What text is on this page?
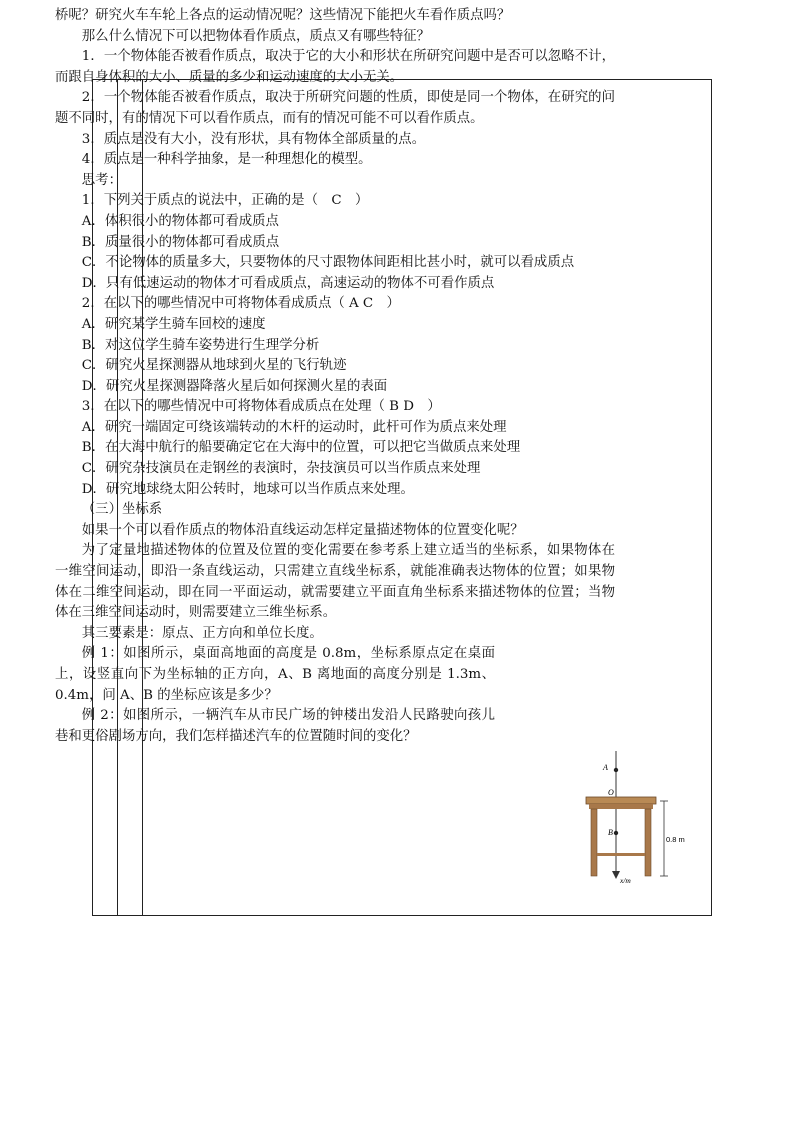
桥呢？研究火车车轮上各点的运动情况呢？这些情况下能把火车看作质点吗？

那么什么情况下可以把物体看作质点，质点又有哪些特征？

1．一个物体能否被看作质点，取决于它的大小和形状在所研究问题中是否可以忽略不计，而跟自身体积的大小、质量的多少和运动速度的大小无关。

2．一个物体能否被看作质点，取决于所研究问题的性质，即使是同一个物体，在研究的问题不同时，有的情况下可以看作质点，而有的情况可能不可以看作质点。

3．质点是没有大小，没有形状，具有物体全部质量的点。

4．质点是一种科学抽象，是一种理想化的模型。

思考：

1．下列关于质点的说法中，正确的是（　C　）

A．体积很小的物体都可看成质点

B．质量很小的物体都可看成质点

C．不论物体的质量多大，只要物体的尺寸跟物体间距相比甚小时，就可以看成质点

D．只有低速运动的物体才可看成质点，高速运动的物体不可看作质点

2．在以下的哪些情况中可将物体看成质点（ A C　）

A．研究某学生骑车回校的速度

B．对这位学生骑车姿势进行生理学分析

C．研究火星探测器从地球到火星的飞行轨迹

D．研究火星探测器降落火星后如何探测火星的表面

3．在以下的哪些情况中可将物体看成质点在处理（ B D　）

A．研究一端固定可绕该端转动的木杆的运动时，此杆可作为质点来处理

B．在大海中航行的船要确定它在大海中的位置，可以把它当做质点来处理

C．研究杂技演员在走钢丝的表演时，杂技演员可以当作质点来处理

D．研究地球绕太阳公转时，地球可以当作质点来处理。

（三）坐标系

如果一个可以看作质点的物体沿直线运动怎样定量描述物体的位置变化呢？

为了定量地描述物体的位置及位置的变化需要在参考系上建立适当的坐标系，如果物体在一维空间运动，即沿一条直线运动，只需建立直线坐标系，就能准确表达物体的位置；如果物体在二维空间运动，即在同一平面运动，就需要建立平面直角坐标系来描述物体的位置；当物体在三维空间运动时，则需要建立三维坐标系。

其三要素是：原点、正方向和单位长度。

例 1：如图所示，桌面高地面的高度是 0.8m，坐标系原点定在桌面上，设竖直向下为坐标轴的正方向，A、B 离地面的高度分别是 1.3m、0.4m，问 A、B 的坐标应该是多少？

例 2：如图所示，一辆汽车从市民广场的钟楼出发沿人民路驶向孩儿巷和更俗剧场方向，我们怎样描述汽车的位置随时间的变化？

A
O
B
0.8 m
x/m
